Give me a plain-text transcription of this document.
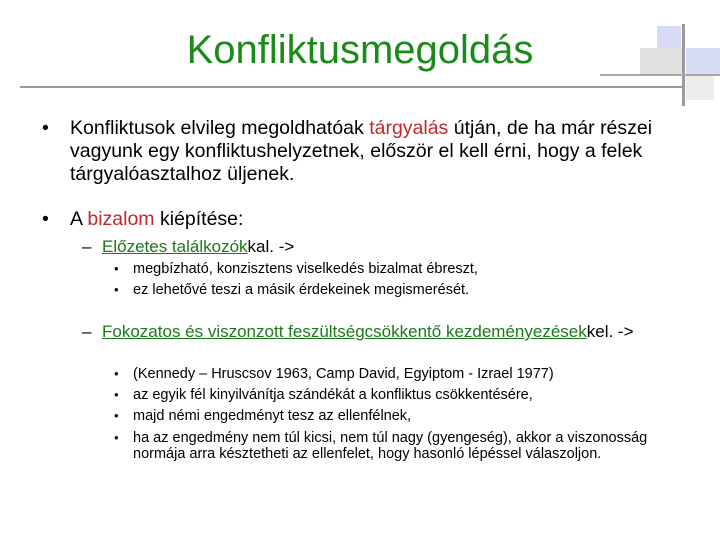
Konfliktusmegoldás
• Konfliktusok elvileg megoldhatóak tárgyalás útján, de ha már részei vagyunk egy konfliktushelyzetnek, először el kell érni, hogy a felek tárgyalóasztalhoz üljenek.
• A bizalom kiépítése:
– Előzetes találkozókkal. ->
• megbízható, konzisztens viselkedés bizalmat ébreszt,
• ez lehetővé teszi a másik érdekeinek megismerését.
– Fokozatos és viszonzott feszültségcsökkentő kezdeményezésekkel. ->
• (Kennedy – Hruscsov 1963, Camp David, Egyiptom - Izrael 1977)
• az egyik fél kinyilvánítja szándékát a konfliktus csökkentésére,
• majd némi engedményt tesz az ellenfélnek,
• ha az engedmény nem túl kicsi, nem túl nagy (gyengeség), akkor a viszonosság normája arra késztetheti az ellenfelet, hogy hasonló lépéssel válaszoljon.
